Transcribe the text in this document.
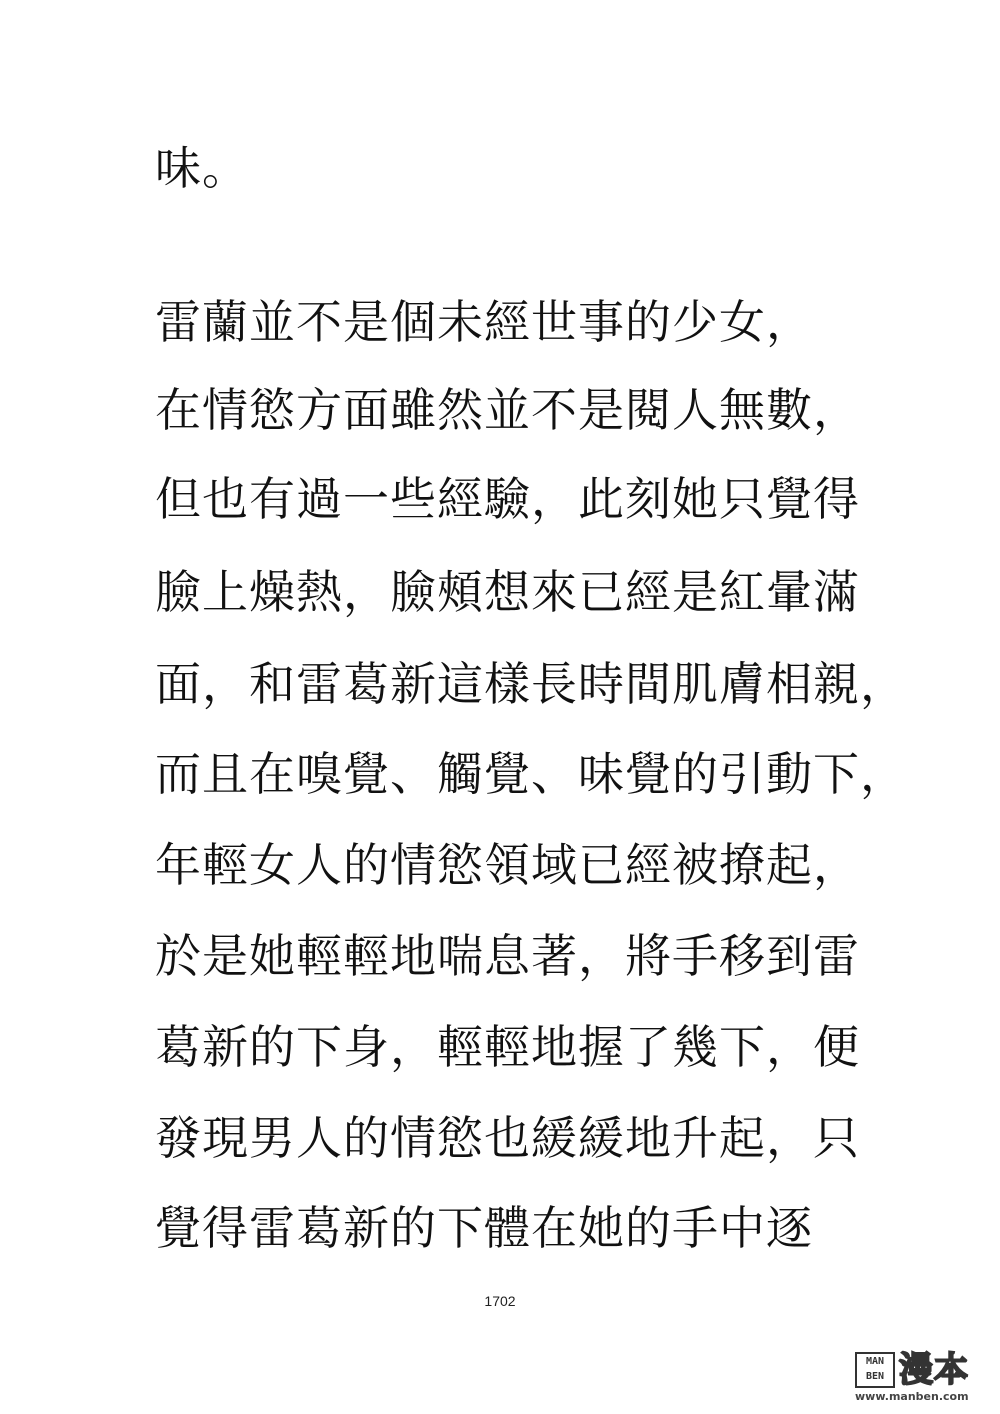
味。
雷蘭並不是個未經世事的少女，
在情慾方面雖然並不是閱人無數，
但也有過一些經驗，此刻她只覺得
臉上燥熱，臉頰想來已經是紅暈滿
面，和雷葛新這樣長時間肌膚相親，
而且在嗅覺、觸覺、味覺的引動下，
年輕女人的情慾領域已經被撩起，
於是她輕輕地喘息著，將手移到雷
葛新的下身，輕輕地握了幾下，便
發現男人的情慾也緩緩地升起，只
覺得雷葛新的下體在她的手中逐
1702
MAN
BEN 漫本
www.manben.com
